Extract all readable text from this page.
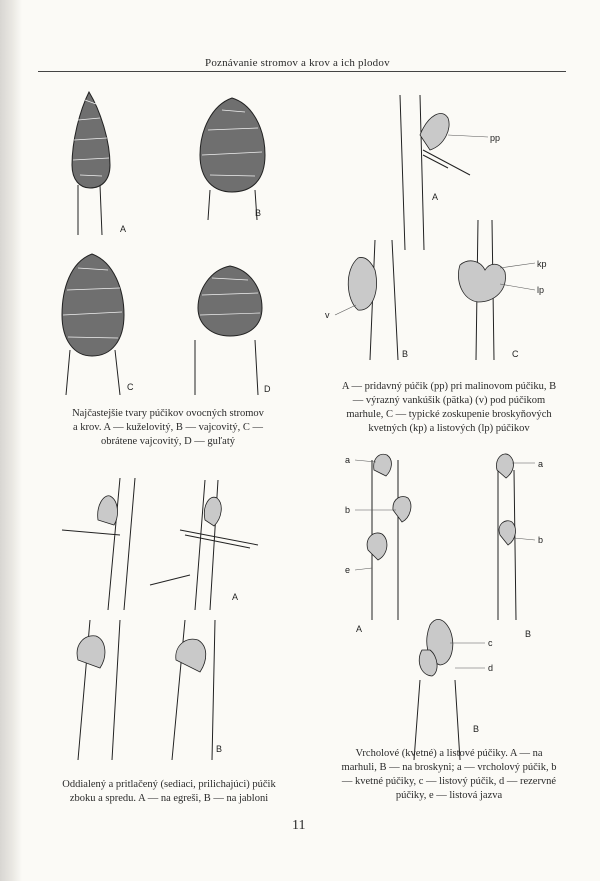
Poznávanie stromov a krov a ich plodov
A
B
C	D
pp
A
v
B
kp
lp
C
A
B
a
b
e
a
b
A	B
c
d
B
Najčastejšie tvary púčikov ovocných stromov
a krov. A — kuželovitý, B — vajcovitý, C —
obrátene vajcovitý, D — guľatý
A — pridavný púčik (pp) pri malinovom púčiku, B
— výrazný vankúšik (pätka) (v) pod púčikom
marhule, C — typické zoskupenie broskyňových
kvetných (kp) a listových (lp) púčikov
Oddialený a pritlačený (sediaci, prilichajúci) púčik
zboku a spredu. A — na egreši, B — na jabloni
Vrcholové (kvetné) a listové púčiky. A — na
marhuli, B — na broskyni; a — vrcholový púčik, b
— kvetné púčiky, c — listový púčik, d — rezervné
púčiky, e — listová jazva
11
